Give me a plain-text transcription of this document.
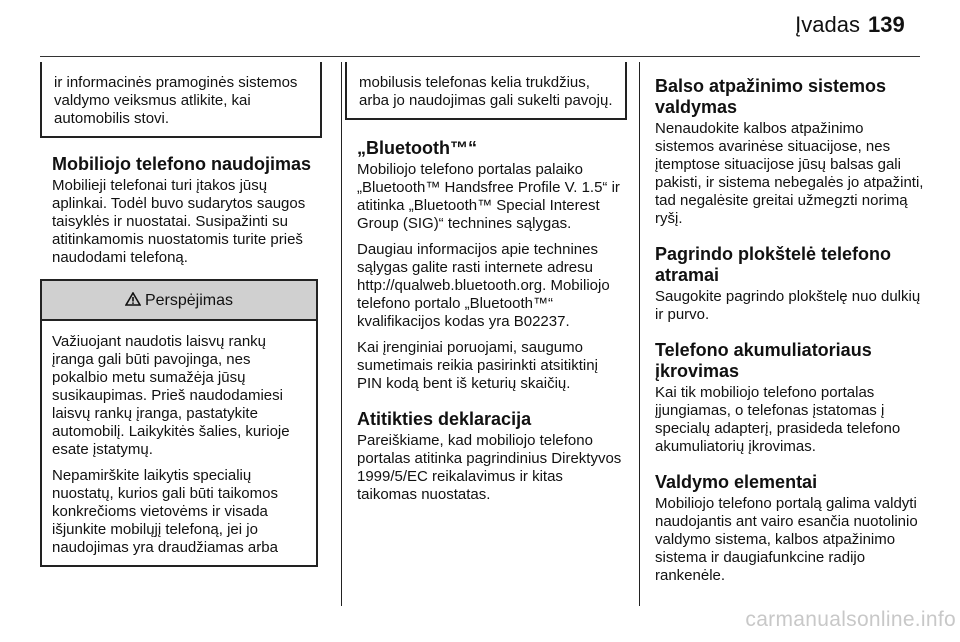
Įvadas 139

ir informacinės pramoginės sistemos valdymo veiksmus atlikite, kai automobilis stovi.

Mobiliojo telefono naudojimas

Mobilieji telefonai turi įtakos jūsų aplinkai. Todėl buvo sudarytos saugos taisyklės ir nuostatai. Susipažinti su atitinkamomis nuostatomis turite prieš naudodami telefoną.

Perspėjimas

Važiuojant naudotis laisvų rankų įranga gali būti pavojinga, nes pokalbio metu sumažėja jūsų susikaupimas. Prieš naudodamiesi laisvų rankų įranga, pastatykite automobilį. Laikykitės šalies, kurioje esate įstatymų.

Nepamirškite laikytis specialių nuostatų, kurios gali būti taikomos konkrečioms vietovėms ir visada išjunkite mobilųjį telefoną, jei jo naudojimas yra draudžiamas arba

mobilusis telefonas kelia trukdžius, arba jo naudojimas gali sukelti pavojų.

„Bluetooth™“

Mobiliojo telefono portalas palaiko „Bluetooth™ Handsfree Profile V. 1.5“ ir atitinka „Bluetooth™ Special Interest Group (SIG)“ technines sąlygas.

Daugiau informacijos apie technines sąlygas galite rasti internete adresu http://qualweb.bluetooth.org. Mobiliojo telefono portalo „Bluetooth™“ kvalifikacijos kodas yra B02237.

Kai įrenginiai poruojami, saugumo sumetimais reikia pasirinkti atsitiktinį PIN kodą bent iš keturių skaičių.

Atitikties deklaracija

Pareiškiame, kad mobiliojo telefono portalas atitinka pagrindinius Direktyvos 1999/5/EC reikalavimus ir kitas taikomas nuostatas.

Balso atpažinimo sistemos valdymas

Nenaudokite kalbos atpažinimo sistemos avarinėse situacijose, nes įtemptose situacijose jūsų balsas gali pakisti, ir sistema nebegalės jo atpažinti, tad negalėsite greitai užmegzti norimą ryšį.

Pagrindo plokštelė telefono atramai

Saugokite pagrindo plokštelę nuo dulkių ir purvo.

Telefono akumuliatoriaus įkrovimas

Kai tik mobiliojo telefono portalas įjungiamas, o telefonas įstatomas į specialų adapterį, prasideda telefono akumuliatorių įkrovimas.

Valdymo elementai

Mobiliojo telefono portalą galima valdyti naudojantis ant vairo esančia nuotolinio valdymo sistema, kalbos atpažinimo sistema ir daugiafunkcine radijo rankenėle.

carmanualsonline.info
